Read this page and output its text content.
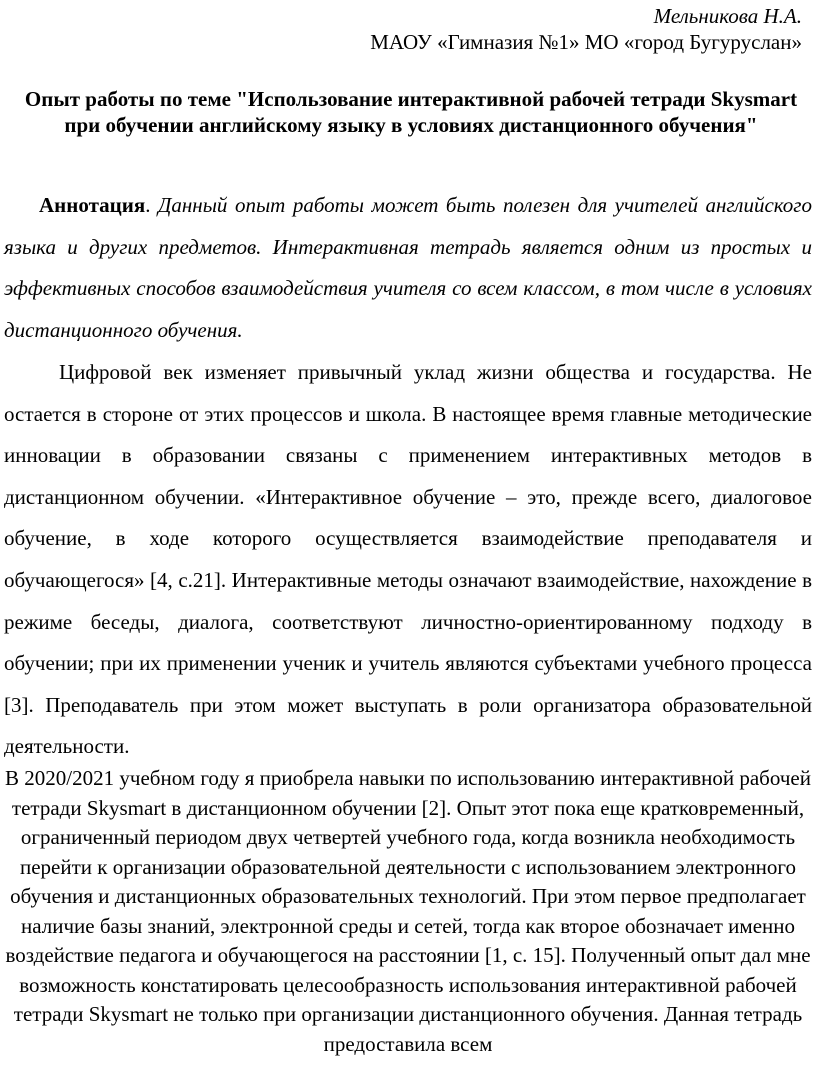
Мельникова Н.А.
МАОУ «Гимназия №1» МО «город Бугуруслан»
Опыт работы по теме "Использование интерактивной рабочей тетради Skysmart при обучении английскому языку в условиях дистанционного обучения"
Аннотация. Данный опыт работы может быть полезен для учителей английского языка и других предметов. Интерактивная тетрадь является одним из простых и эффективных способов взаимодействия учителя со всем классом, в том числе в условиях дистанционного обучения.
Цифровой век изменяет привычный уклад жизни общества и государства. Не остается в стороне от этих процессов и школа. В настоящее время главные методические инновации в образовании связаны с применением интерактивных методов в дистанционном обучении. «Интерактивное обучение – это, прежде всего, диалоговое обучение, в ходе которого осуществляется взаимодействие преподавателя и обучающегося» [4, с.21]. Интерактивные методы означают взаимодействие, нахождение в режиме беседы, диалога, соответствуют личностно-ориентированному подходу в обучении; при их применении ученик и учитель являются субъектами учебного процесса [3]. Преподаватель при этом может выступать в роли организатора образовательной деятельности.
В 2020/2021 учебном году я приобрела навыки по использованию интерактивной рабочей тетради Skysmart в дистанционном обучении [2]. Опыт этот пока еще кратковременный, ограниченный периодом двух четвертей учебного года, когда возникла необходимость перейти к организации образовательной деятельности с использованием электронного обучения и дистанционных образовательных технологий. При этом первое предполагает наличие базы знаний, электронной среды и сетей, тогда как второе обозначает именно воздействие педагога и обучающегося на расстоянии [1, с. 15]. Полученный опыт дал мне возможность констатировать целесообразность использования интерактивной рабочей тетради Skysmart не только при организации дистанционного обучения. Данная тетрадь предоставила всем
